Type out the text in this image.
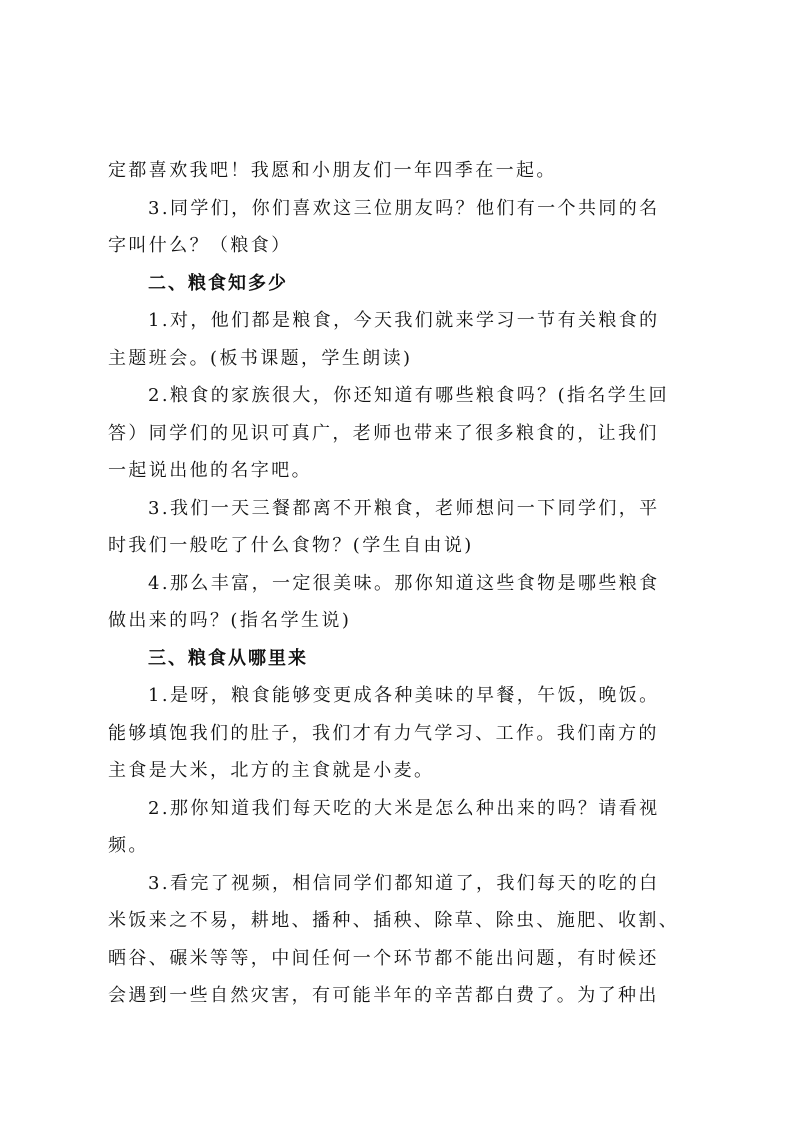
定都喜欢我吧！我愿和小朋友们一年四季在一起。
3.同学们，你们喜欢这三位朋友吗？他们有一个共同的名
字叫什么？（粮食）
二、粮食知多少
1.对，他们都是粮食，今天我们就来学习一节有关粮食的
主题班会。(板书课题，学生朗读)
2.粮食的家族很大，你还知道有哪些粮食吗？(指名学生回
答）同学们的见识可真广，老师也带来了很多粮食的，让我们
一起说出他的名字吧。
3.我们一天三餐都离不开粮食，老师想问一下同学们，平
时我们一般吃了什么食物？(学生自由说)
4.那么丰富，一定很美味。那你知道这些食物是哪些粮食
做出来的吗？(指名学生说)
三、粮食从哪里来
1.是呀，粮食能够变更成各种美味的早餐，午饭，晚饭。
能够填饱我们的肚子，我们才有力气学习、工作。我们南方的
主食是大米，北方的主食就是小麦。
2.那你知道我们每天吃的大米是怎么种出来的吗？请看视
频。
3.看完了视频，相信同学们都知道了，我们每天的吃的白
米饭来之不易，耕地、播种、插秧、除草、除虫、施肥、收割、
晒谷、碾米等等，中间任何一个环节都不能出问题，有时候还
会遇到一些自然灾害，有可能半年的辛苦都白费了。为了种出
